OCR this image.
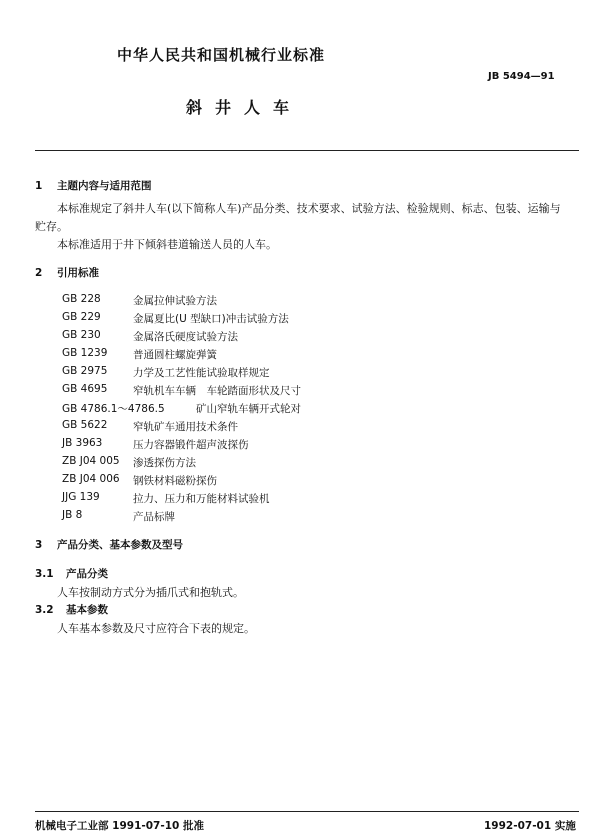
中华人民共和国机械行业标准
JB 5494—91
斜井人车
1 主题内容与适用范围
本标准规定了斜井人车(以下简称人车)产品分类、技术要求、试验方法、检验规则、标志、包装、运输与贮存。
本标准适用于井下倾斜巷道输送人员的人车。
2 引用标准
GB 228	金属拉伸试验方法
GB 229	金属夏比(U 型缺口)冲击试验方法
GB 230	金属洛氏硬度试验方法
GB 1239 普通圆柱螺旋弹簧
GB 2975 力学及工艺性能试验取样规定
GB 4695 窄轨机车车辆　车轮踏面形状及尺寸
GB 4786.1～4786.5	矿山窄轨车辆开式轮对
GB 5622 窄轨矿车通用技术条件
JB 3963	压力容器锻件超声波探伤
ZB J04 005 渗透探伤方法
ZB J04 006 钢铁材料磁粉探伤
JJG 139	拉力、压力和万能材料试验机
JB 8	产品标牌
3 产品分类、基本参数及型号
3.1 产品分类
人车按制动方式分为插爪式和抱轨式。
3.2 基本参数
人车基本参数及尺寸应符合下表的规定。
机械电子工业部 1991-07-10 批准	1992-07-01 实施
